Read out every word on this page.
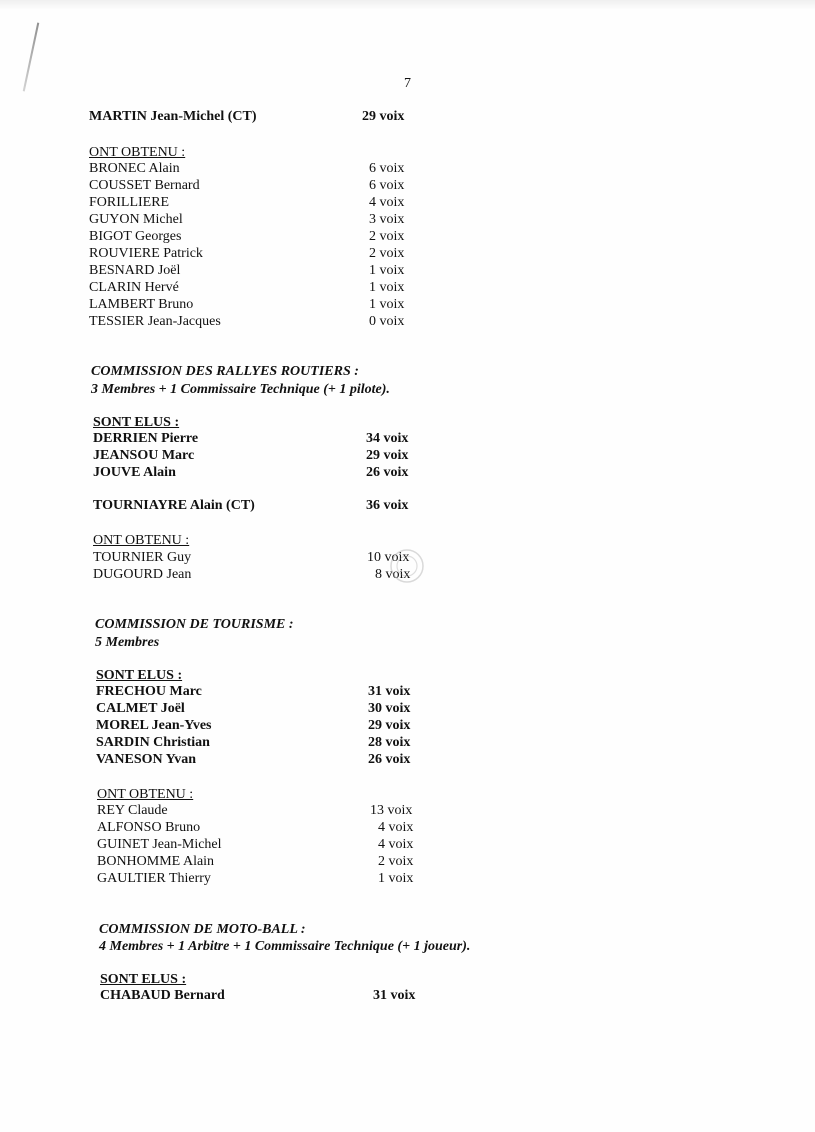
7
MARTIN Jean-Michel (CT)	29 voix
ONT OBTENU :
BRONEC Alain	6 voix
COUSSET Bernard	6 voix
FORILLIERE	4 voix
GUYON Michel	3 voix
BIGOT Georges	2 voix
ROUVIERE Patrick	2 voix
BESNARD Joël	1 voix
CLARIN Hervé	1 voix
LAMBERT Bruno	1 voix
TESSIER Jean-Jacques	0 voix
COMMISSION DES RALLYES ROUTIERS :
3 Membres + 1 Commissaire Technique (+ 1 pilote).
SONT ELUS :
DERRIEN Pierre	34 voix
JEANSOU Marc	29 voix
JOUVE Alain	26 voix
TOURNIAYRE Alain (CT)	36 voix
ONT OBTENU :
TOURNIER Guy	10 voix
DUGOURD Jean	8 voix
COMMISSION DE TOURISME :
5 Membres
SONT ELUS :
FRECHOU Marc	31 voix
CALMET Joël	30 voix
MOREL Jean-Yves	29 voix
SARDIN Christian	28 voix
VANESON Yvan	26 voix
ONT OBTENU :
REY Claude	13 voix
ALFONSO Bruno	4 voix
GUINET Jean-Michel	4 voix
BONHOMME Alain	2 voix
GAULTIER Thierry	1 voix
COMMISSION DE MOTO-BALL :
4 Membres + 1 Arbitre + 1 Commissaire Technique (+ 1 joueur).
SONT ELUS :
CHABAUD Bernard	31 voix
